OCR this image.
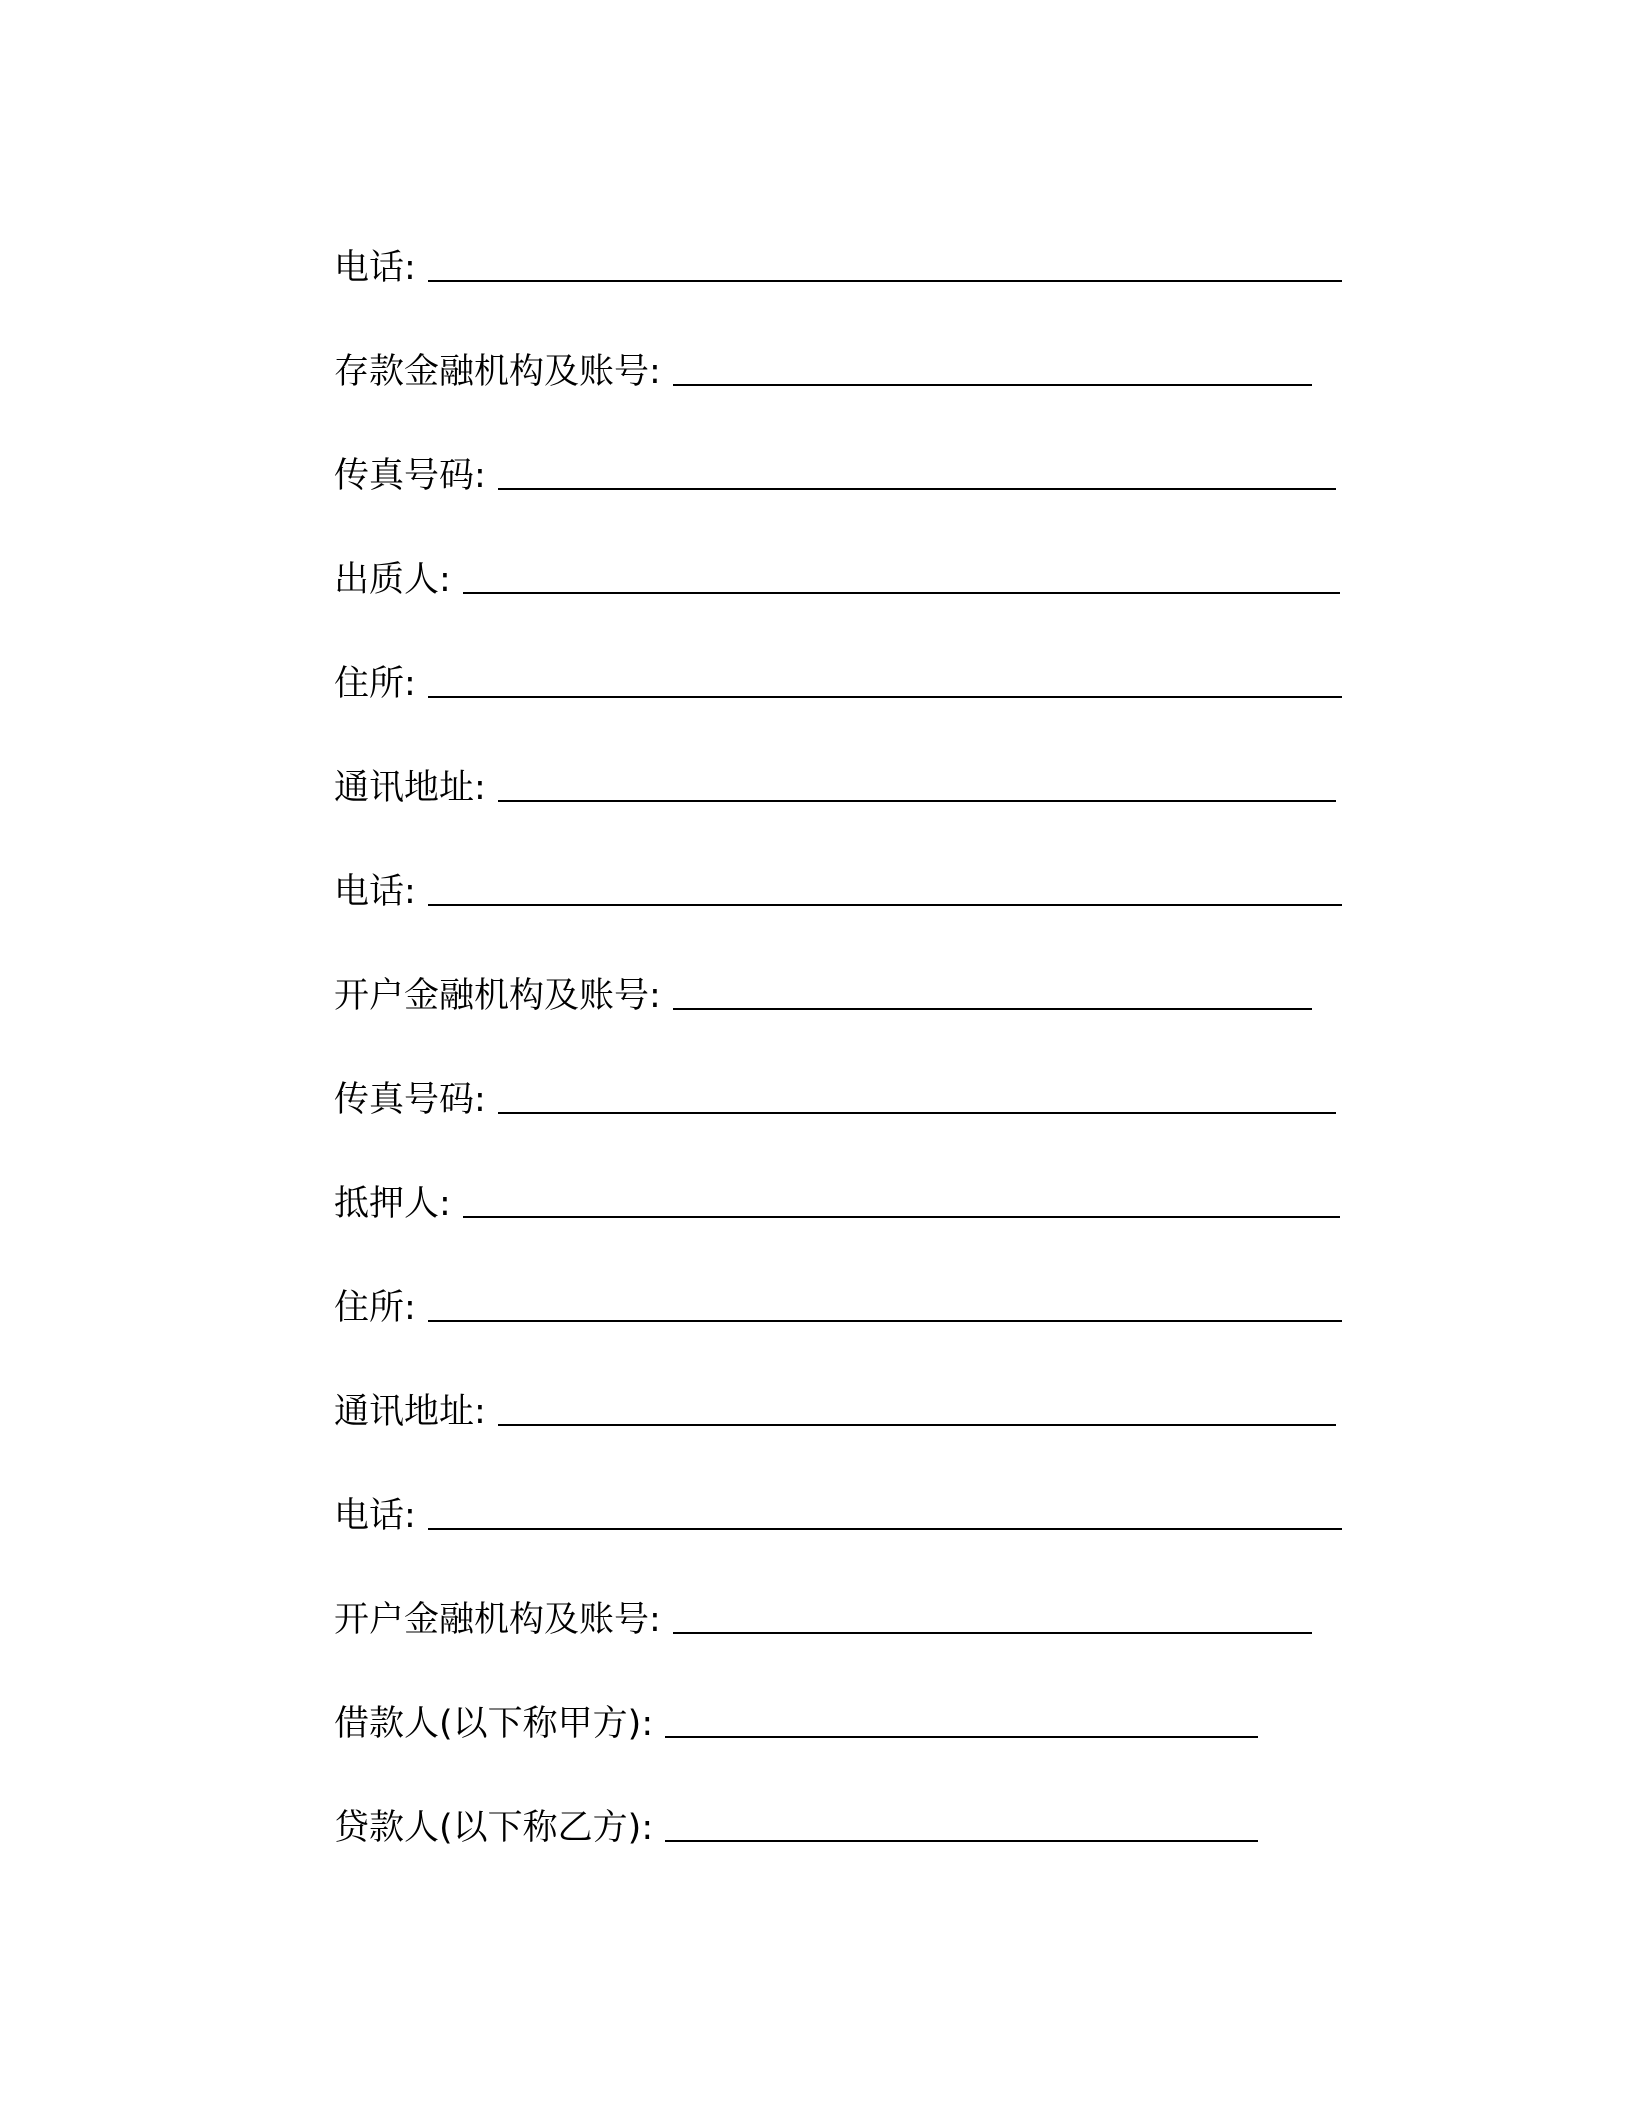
电话 :
存款金融机构及账号 :
传真号码 :
出质人 :
住所 :
通讯地址 :
电话 :
开户金融机构及账号 :
传真号码 :
抵押人 :
住所 :
通讯地址 :
电话 :
开户金融机构及账号 :
借款人(以下称甲方) :
贷款人(以下称乙方) :
